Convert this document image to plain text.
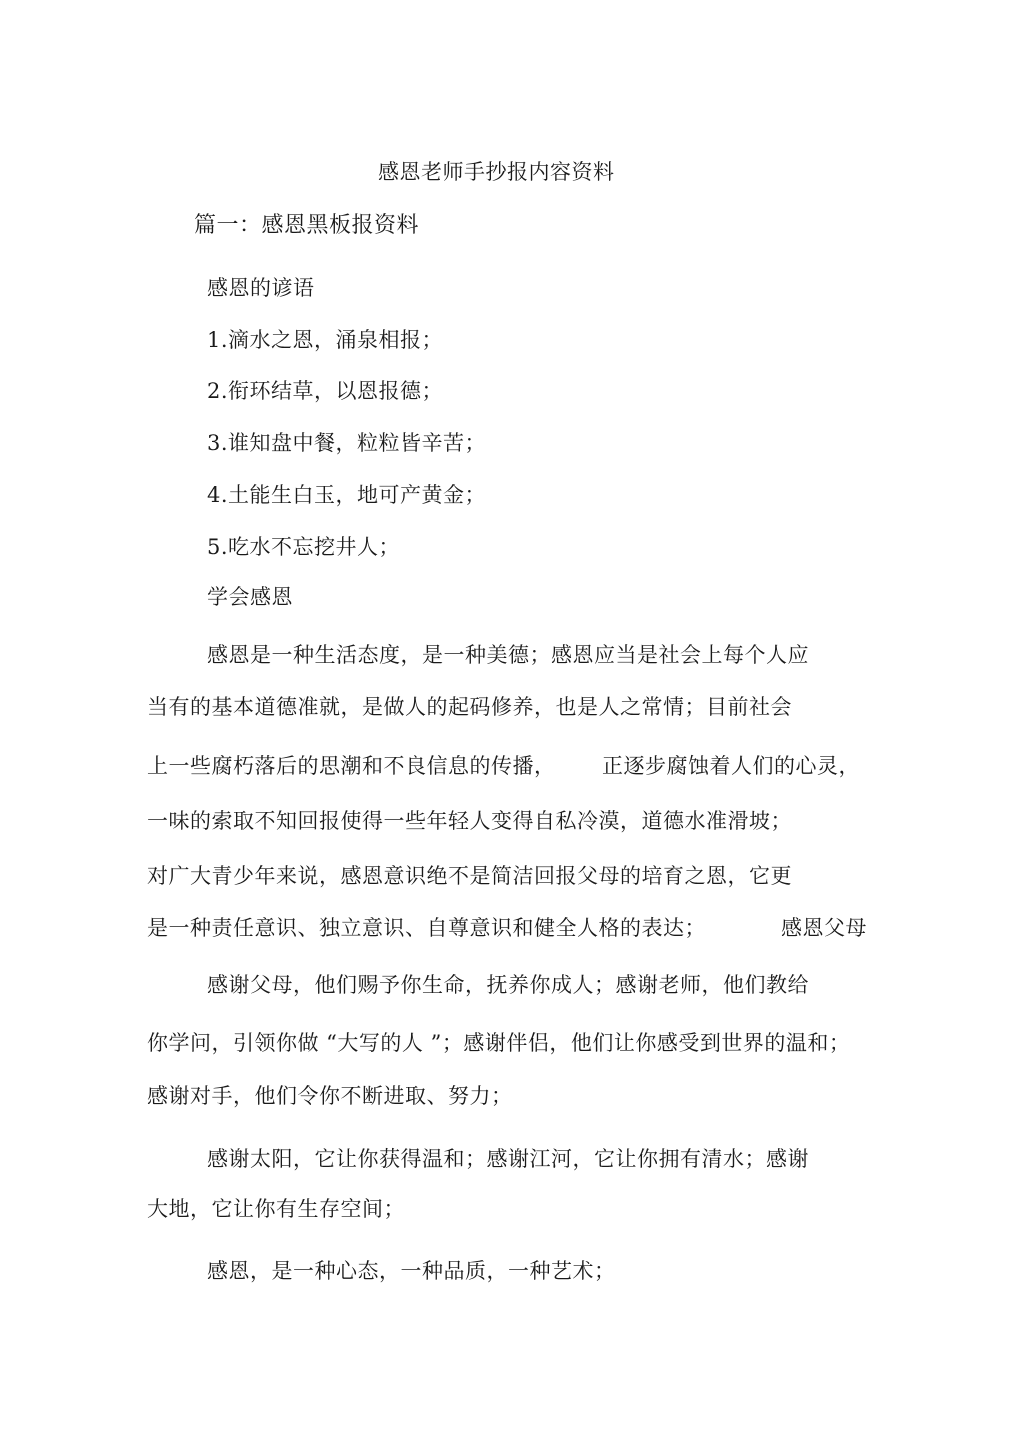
感恩老师手抄报内容资料
篇一：感恩黑板报资料
感恩的谚语
1.滴水之恩，涌泉相报；
2.衔环结草，以恩报德；
3.谁知盘中餐，粒粒皆辛苦；
4.土能生白玉，地可产黄金；
5.吃水不忘挖井人；
学会感恩
感恩是一种生活态度，是一种美德；感恩应当是社会上每个人应
当有的基本道德准就，是做人的起码修养，也是人之常情；目前社会
上一些腐朽落后的思潮和不良信息的传播， 正逐步腐蚀着人们的心灵，
一味的索取不知回报使得一些年轻人变得自私冷漠，道德水准滑坡；
对广大青少年来说，感恩意识绝不是简洁回报父母的培育之恩，它更
是一种责任意识、独立意识、自尊意识和健全人格的表达；	感恩父母
感谢父母，他们赐予你生命，抚养你成人；感谢老师，他们教给
你学问，引领你做 “大写的人 ”；感谢伴侣，他们让你感受到世界的温和；
感谢对手，他们令你不断进取、努力；
感谢太阳，它让你获得温和；感谢江河，它让你拥有清水；感谢
大地，它让你有生存空间；
感恩，是一种心态，一种品质，一种艺术；
